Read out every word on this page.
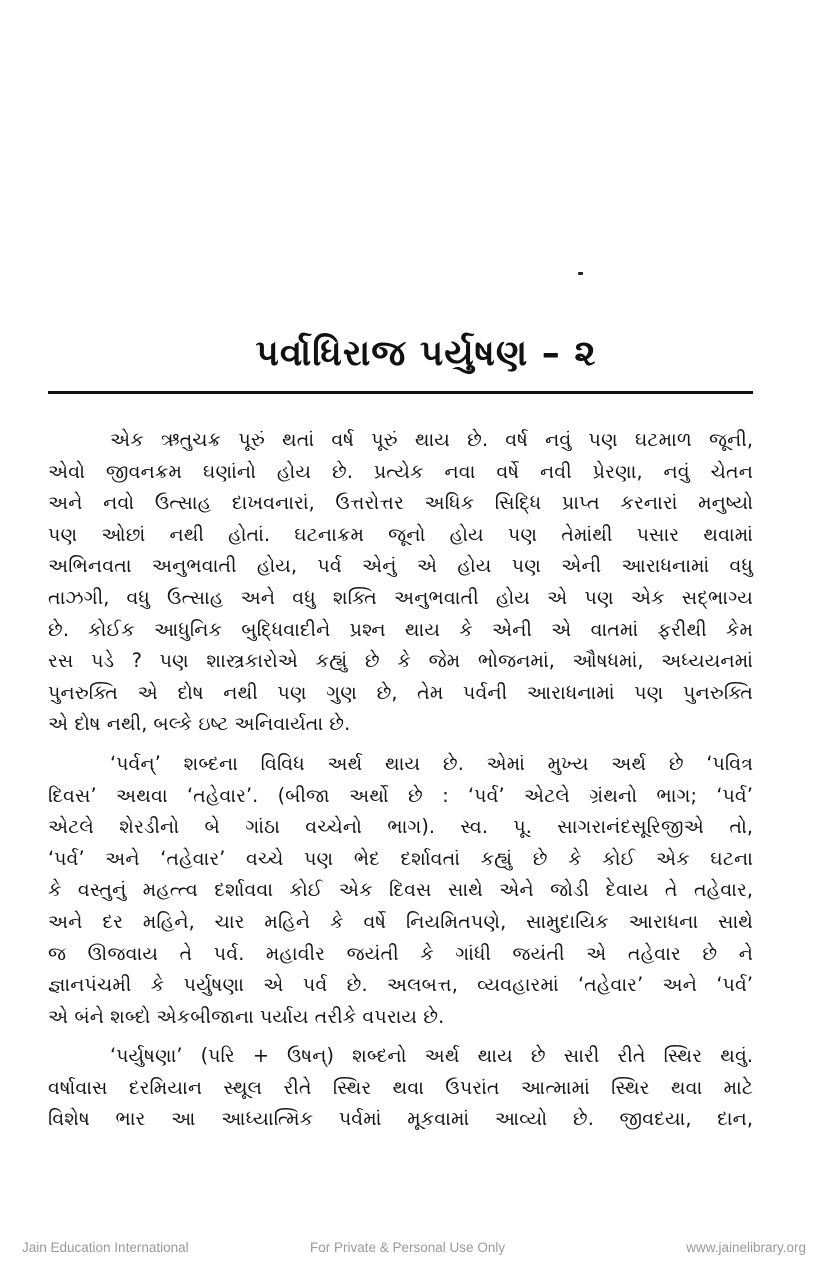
પર્વાધિરાજ પર્યુષણ – ૨
એક ઋતુચક્ર પૂરું થતાં વર્ષ પૂરું થાય છે. વર્ષ નવું પણ ઘટમાળ જૂની,
એવો જીવનક્રમ ઘણાંનો હોય છે. પ્રત્યેક નવા વર્ષે નવી પ્રેરણા, નવું ચેતન
અને નવો ઉત્સાહ દાખવનારાં, ઉત્તરોત્તર અધિક સિદ્ધિ પ્રાપ્ત કરનારાં મનુષ્યો
પણ ઓછાં નથી હોતાં. ઘટનાક્રમ જૂનો હોય પણ તેમાંથી પસાર થવામાં
અભિનવતા અનુભવાતી હોય, પર્વ એનું એ હોય પણ એની આરાધનામાં વધુ
તાઝગી, વધુ ઉત્સાહ અને વધુ શક્તિ અનુભવાતી હોય એ પણ એક સદ્‌ભાગ્ય
છે. કોઈક આધુનિક બુદ્ધિવાદીને પ્રશ્ન થાય કે એની એ વાતમાં ફરીથી કેમ
રસ પડે ? પણ શાસ્ત્રકારોએ કહ્યું છે કે જેમ ભોજનમાં, ઔષધમાં, અધ્યયનમાં
પુનરુક્તિ એ દોષ નથી પણ ગુણ છે, તેમ પર્વની આરાધનામાં પણ પુનરુક્તિ
એ દોષ નથી, બલ્કે ઇષ્ટ અનિવાર્યતા છે.
‘પર્વન્’ શબ્દના વિવિધ અર્થ થાય છે. એમાં મુખ્ય અર્થ છે ‘પવિત્ર
દિવસ’ અથવા ‘તહેવાર’. (બીજા અર્થો છે : ‘પર્વ’ એટલે ગ્રંથનો ભાગ; ‘પર્વ’
એટલે શેરડીનો બે ગાંઠા વચ્ચેનો ભાગ). સ્વ. પૂ. સાગરાનંદસૂરિજીએ તો,
‘પર્વ’ અને ‘તહેવાર’ વચ્ચે પણ ભેદ દર્શાવતાં કહ્યું છે કે કોઈ એક ઘટના
કે વસ્તુનું મહત્ત્વ દર્શાવવા કોઈ એક દિવસ સાથે એને જોડી દેવાય તે તહેવાર,
અને દર મહિને, ચાર મહિને કે વર્ષે નિયમિતપણે, સામુદાયિક આરાધના સાથે
જ ઊજવાય તે પર્વ. મહાવીર જયંતી કે ગાંધી જયંતી એ તહેવાર છે ને
જ્ઞાનપંચમી કે પર્યુષણા એ પર્વ છે. અલબત્ત, વ્યવહારમાં ‘તહેવાર’ અને ‘પર્વ’
એ બંને શબ્દો એકબીજાના પર્યાય તરીકે વપરાય છે.
‘પર્યુષણા’ (પરિ + ઉષન્) શબ્દનો અર્થ થાય છે સારી રીતે સ્થિર થવું.
વર્ષાવાસ દરમિયાન સ્થૂલ રીતે સ્થિર થવા ઉપરાંત આત્મામાં સ્થિર થવા માટે
વિશેષ ભાર આ આધ્યાત્મિક પર્વમાં મૂકવામાં આવ્યો છે. જીવદયા, દાન,
Jain Education International	For Private & Personal Use Only	www.jainelibrary.org
